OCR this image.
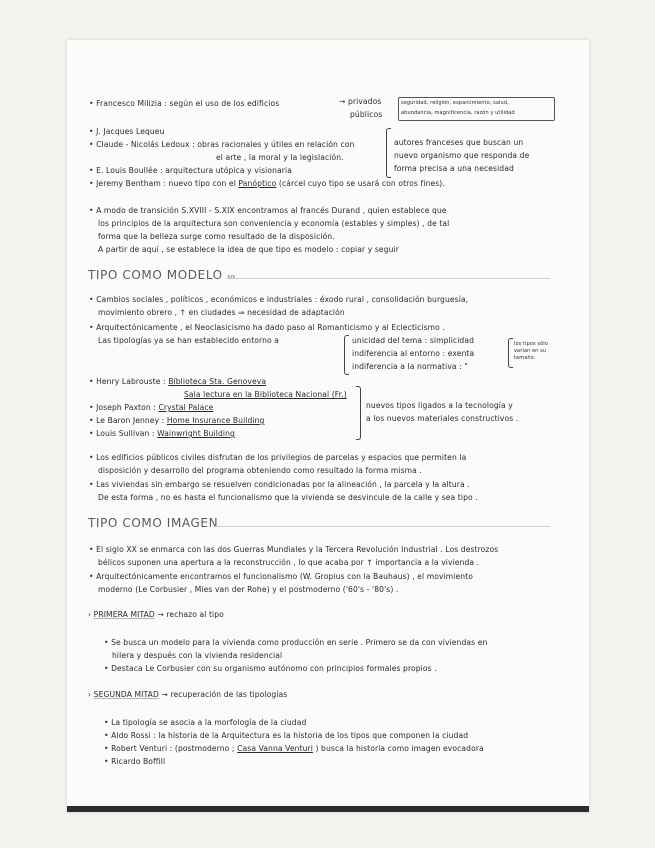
• Francesco Milizia : según el uso de los edificios	→ privados
públicos
seguridad, religión, esparcimiento, salud,
abundancia, magnificencia, razón y utilidad
• J. Jacques Lequeu
• Claude - Nicolás Ledoux : obras racionales y útiles en relación con
el arte , la moral y la legislación.
• E. Louis Boullée : arquitectura utópica y visionaria
autores franceses que buscan un
nuevo organismo que responda de
forma precisa a una necesidad
• Jeremy Bentham : nuevo tipo con el Panóptico (cárcel cuyo tipo se usará con otros fines).
• A modo de transición S.XVIII - S.XIX encontramos al francés Durand , quien establece que
los principios de la arquitectura son conveniencia y economía (estables y simples) , de tal
forma que la belleza surge como resultado de la disposición.
A partir de aquí , se establece la idea de que tipo es modelo : copiar y seguir
TIPO COMO MODELO XIX
• Cambios sociales , políticos , económicos e industriales : éxodo rural , consolidación burguesía,
movimiento obrero , ↑ en ciudades ⇒ necesidad de adaptación
• Arquitectónicamente , el Neoclasicismo ha dado paso al Romanticismo y al Eclecticismo .
Las tipologías ya se han establecido entorno a	unicidad del tema : simplicidad
indiferencia al entorno : exenta
indiferencia a la normativa : "
los tipos sólo
varían en su
tamaño.
• Henry Labrouste : Biblioteca Sta. Genoveva
Sala lectura en la Biblioteca Nacional (Fr.)
• Joseph Paxton : Crystal Palace
• Le Baron Jenney : Home Insurance Building
• Louis Sullivan : Wainwright Building
nuevos tipos ligados a la tecnología y
a los nuevos materiales constructivos .
• Los edificios públicos civiles disfrutan de los privilegios de parcelas y espacios que permiten la
disposición y desarrollo del programa obteniendo como resultado la forma misma .
• Las viviendas sin embargo se resuelven condicionadas por la alineación , la parcela y la altura .
De esta forma , no es hasta el funcionalismo que la vivienda se desvincule de la calle y sea tipo .
TIPO COMO IMAGEN
• El siglo XX se enmarca con las dos Guerras Mundiales y la Tercera Revolución Industrial . Los destrozos
bélicos suponen una apertura a la reconstrucción , lo que acaba por ↑ importancia a la vivienda .
• Arquitectónicamente encontramos el funcionalismo (W. Gropius con la Bauhaus) , el movimiento
moderno (Le Corbusier , Mies van der Rohe) y el postmoderno ('60's - '80's) .
› PRIMERA MITAD → rechazo al tipo
• Se busca un modelo para la vivienda como producción en serie . Primero se da con viviendas en
hilera y después con la vivienda residencial
• Destaca Le Corbusier con su organismo autónomo con principios formales propios .
› SEGUNDA MITAD → recuperación de las tipologías
• La tipología se asocia a la morfología de la ciudad
• Aldo Rossi : la historia de la Arquitectura es la historia de los tipos que componen la ciudad
• Robert Venturi : (postmoderno ; Casa Vanna Venturi ) busca la historia como imagen evocadora
• Ricardo Boffill
